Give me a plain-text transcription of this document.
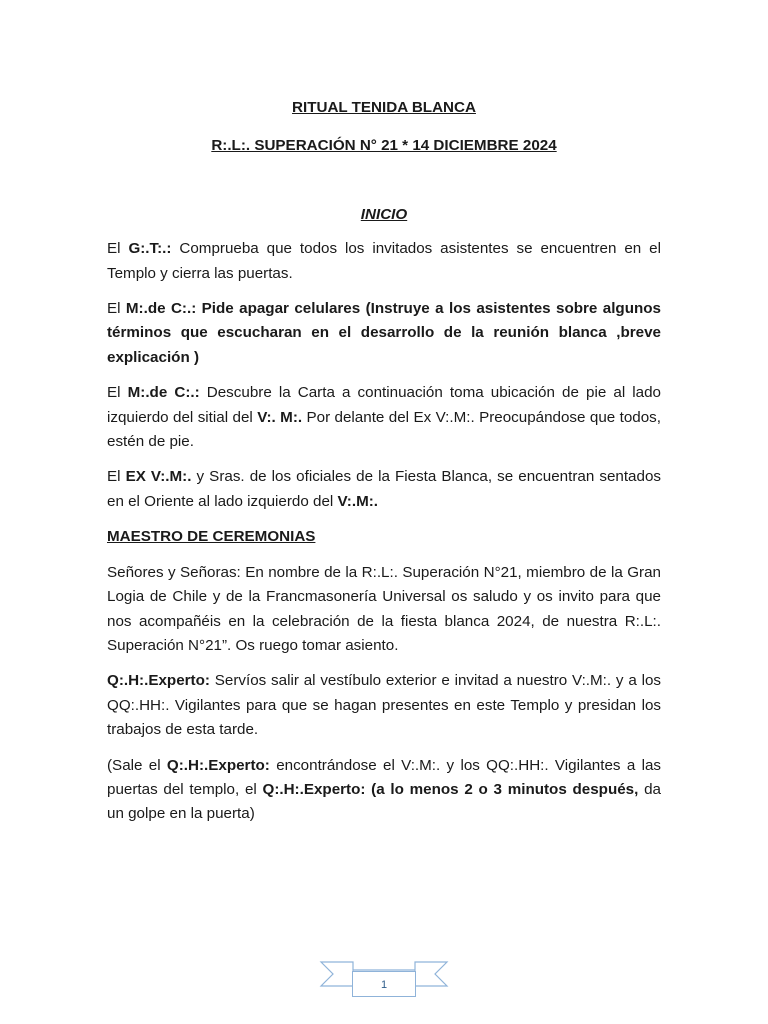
RITUAL TENIDA BLANCA
R:.L:. SUPERACIÓN N° 21 * 14 DICIEMBRE 2024
INICIO

El G:.T:.: Comprueba que todos los invitados asistentes se encuentren en el Templo y cierra las puertas.

El M:.de C:.: Pide apagar celulares (Instruye a los asistentes sobre algunos términos que escucharan en el desarrollo de la reunión blanca ,breve explicación )

El M:.de C:.: Descubre la Carta a continuación toma ubicación de pie al lado izquierdo del sitial del V:. M:. Por delante del Ex V:.M:. Preocupándose que todos, estén de pie.

El EX V:.M:. y Sras. de los oficiales de la Fiesta Blanca, se encuentran sentados en el Oriente al lado izquierdo del V:.M:.

MAESTRO DE CEREMONIAS

Señores y Señoras: En nombre de la R:.L:. Superación N°21, miembro de la Gran Logia de Chile y de la Francmasonería Universal os saludo y os invito para que nos acompañéis en la celebración de la fiesta blanca 2024, de nuestra R:.L:. Superación N°21”. Os ruego tomar asiento.

Q:.H:.Experto: Servíos salir al vestíbulo exterior e invitad a nuestro V:.M:. y a los QQ:.HH:. Vigilantes para que se hagan presentes en este Templo y presidan los trabajos de esta tarde.

(Sale el Q:.H:.Experto: encontrándose el V:.M:. y los QQ:.HH:. Vigilantes a las puertas del templo, el Q:.H:.Experto: (a lo menos 2 o 3 minutos después, da un golpe en la puerta)

1
